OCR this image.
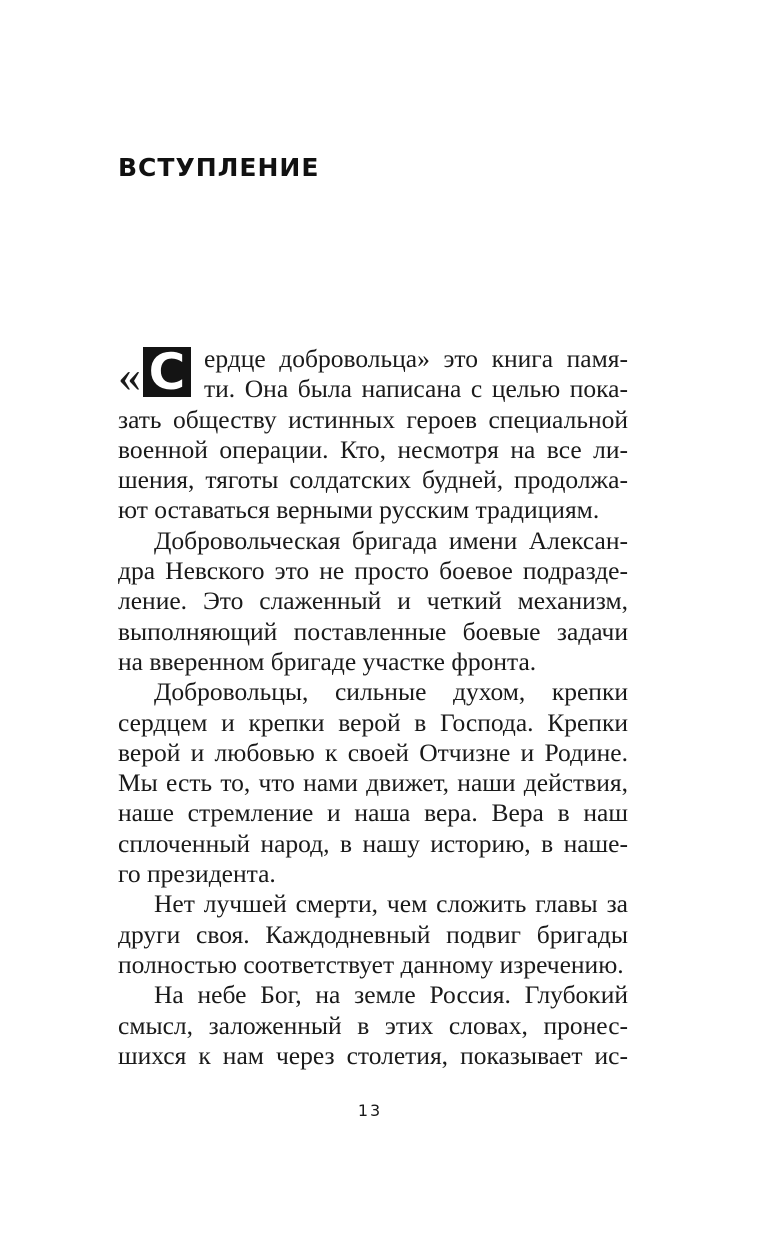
ВСТУПЛЕНИЕ
« С ердце добровольца» это книга памя-
ти. Она была написана с целью пока-
зать обществу истинных героев специальной
военной операции. Кто, несмотря на все ли-
шения, тяготы солдатских будней, продолжа-
ют оставаться верными русским традициям.
Добровольческая бригада имени Алексан-
дра Невского это не просто боевое подразде-
ление. Это слаженный и четкий механизм,
выполняющий поставленные боевые задачи
на вверенном бригаде участке фронта.
Добровольцы, сильные духом, крепки
сердцем и крепки верой в Господа. Крепки
верой и любовью к своей Отчизне и Родине.
Мы есть то, что нами движет, наши действия,
наше стремление и наша вера. Вера в наш
сплоченный народ, в нашу историю, в наше-
го президента.
Нет лучшей смерти, чем сложить главы за
други своя. Каждодневный подвиг бригады
полностью соответствует данному изречению.
На небе Бог, на земле Россия. Глубокий
смысл, заложенный в этих словах, пронес-
шихся к нам через столетия, показывает ис-
13
